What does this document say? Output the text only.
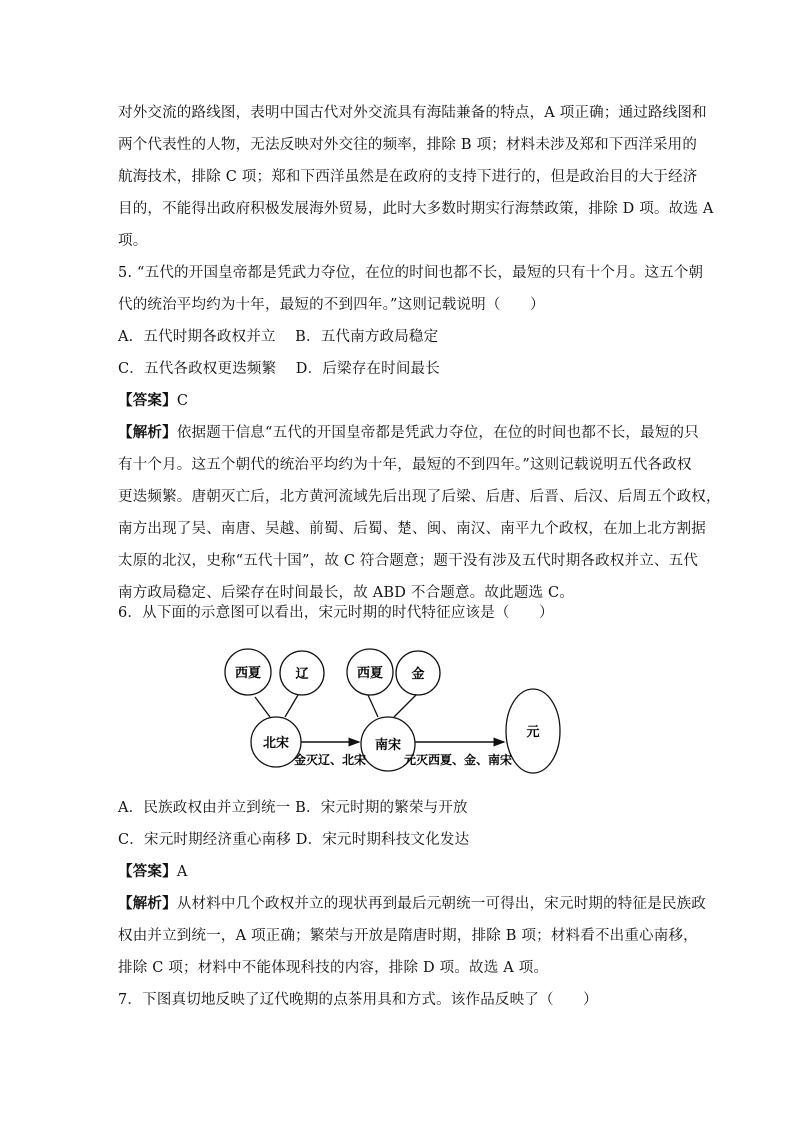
对外交流的路线图，表明中国古代对外交流具有海陆兼备的特点，A 项正确；通过路线图和
两个代表性的人物，无法反映对外交往的频率，排除 B 项；材料未涉及郑和下西洋采用的
航海技术，排除 C 项；郑和下西洋虽然是在政府的支持下进行的，但是政治目的大于经济
目的，不能得出政府积极发展海外贸易，此时大多数时期实行海禁政策，排除 D 项。故选 A
项。
5. “五代的开国皇帝都是凭武力夺位，在位的时间也都不长，最短的只有十个月。这五个朝
代的统治平均约为十年，最短的不到四年。”这则记载说明（　　）
A．五代时期各政权并立　 B．五代南方政局稳定
C．五代各政权更迭频繁　 D．后梁存在时间最长
【答案】C
【解析】依据题干信息“五代的开国皇帝都是凭武力夺位，在位的时间也都不长，最短的只
有十个月。这五个朝代的统治平均约为十年，最短的不到四年。”这则记载说明五代各政权
更迭频繁。唐朝灭亡后，北方黄河流域先后出现了后梁、后唐、后晋、后汉、后周五个政权，
南方出现了吴、南唐、吴越、前蜀、后蜀、楚、闽、南汉、南平九个政权，在加上北方割据
太原的北汉，史称“五代十国”，故 C 符合题意；题干没有涉及五代时期各政权并立、五代
南方政局稳定、后梁存在时间最长，故 ABD 不合题意。故此题选 C。
6．从下面的示意图可以看出，宋元时期的时代特征应该是（　　）
西夏	辽	西夏 金
北宋	南宋
元
金灭辽、北宋	元灭西夏、金、南宋
A．民族政权由并立到统一 B．宋元时期的繁荣与开放
C．宋元时期经济重心南移 D．宋元时期科技文化发达
【答案】A
【解析】从材料中几个政权并立的现状再到最后元朝统一可得出，宋元时期的特征是民族政
权由并立到统一，A 项正确；繁荣与开放是隋唐时期，排除 B 项；材料看不出重心南移，
排除 C 项；材料中不能体现科技的内容，排除 D 项。故选 A 项。
7．下图真切地反映了辽代晚期的点茶用具和方式。该作品反映了（　　）
